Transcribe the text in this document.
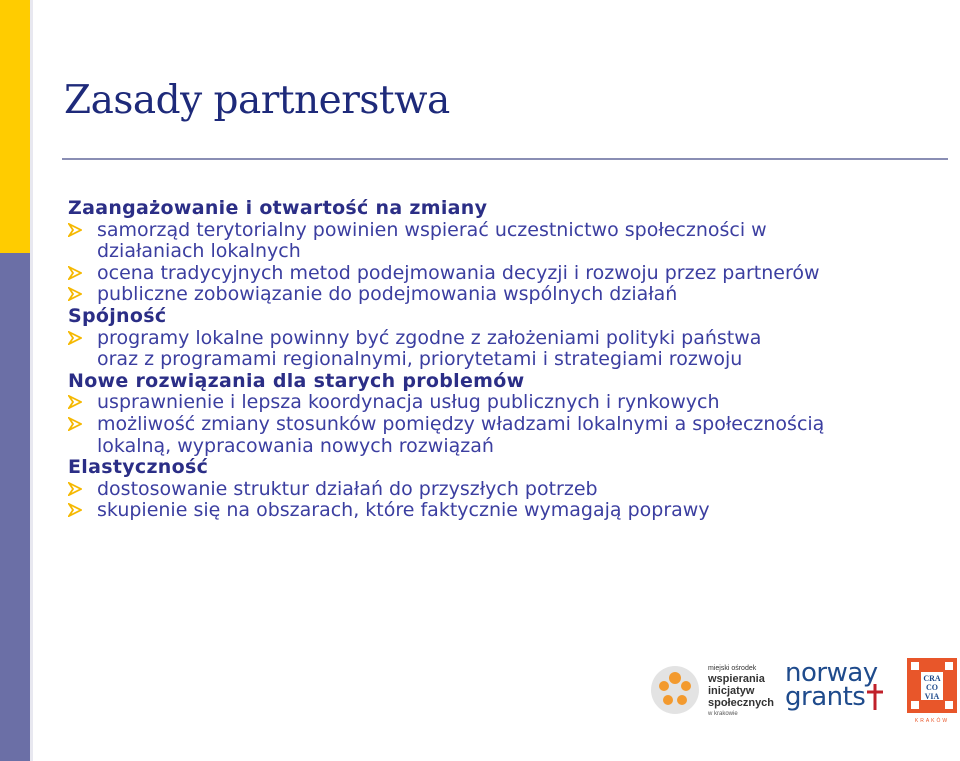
Zasady partnerstwa
Zaangażowanie i otwartość na zmiany
samorząd terytorialny powinien wspierać uczestnictwo społeczności w
działaniach lokalnych
ocena tradycyjnych metod podejmowania decyzji i rozwoju przez partnerów
publiczne zobowiązanie do podejmowania wspólnych działań
Spójność
programy lokalne powinny być zgodne z założeniami polityki państwa
oraz z programami regionalnymi, priorytetami i strategiami rozwoju
Nowe rozwiązania dla starych problemów
usprawnienie i lepsza koordynacja usług publicznych i rynkowych
możliwość zmiany stosunków pomiędzy władzami lokalnymi a społecznością
lokalną, wypracowania nowych rozwiązań
Elastyczność
dostosowanie struktur działań do przyszłych potrzeb
skupienie się na obszarach, które faktycznie wymagają poprawy
miejski ośrodek
wspierania
inicjatyw
społecznych
w krakowie
norway
grants
CRA
CO
VIA
KRAKÓW
